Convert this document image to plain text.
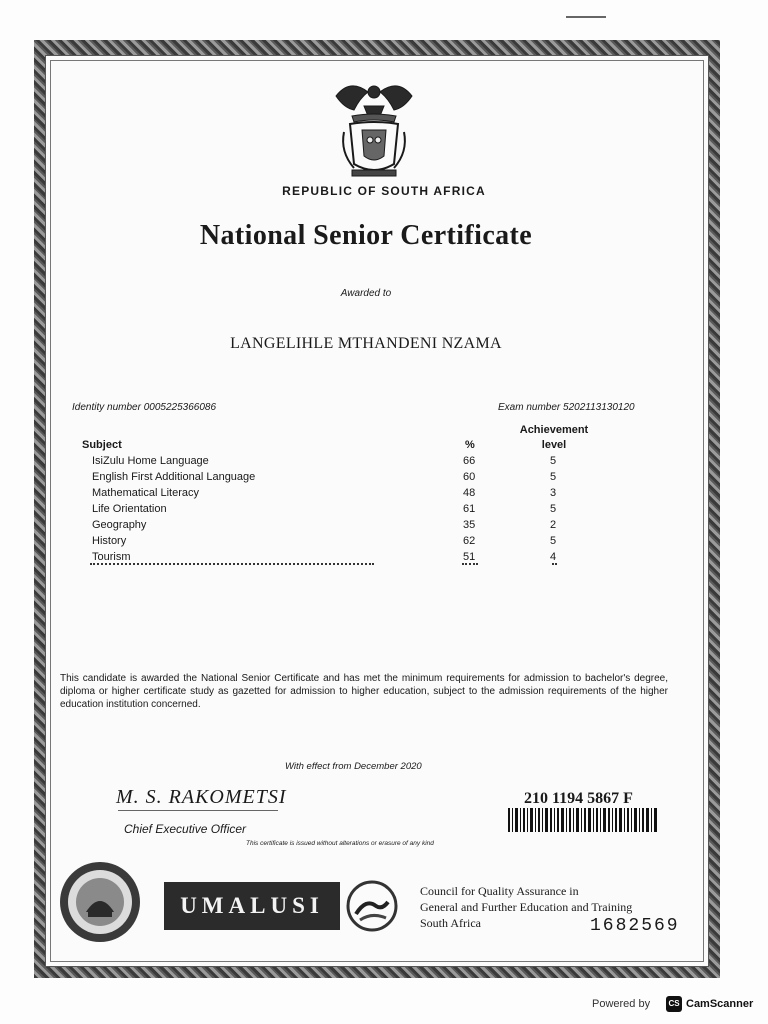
REPUBLIC OF SOUTH AFRICA
National Senior Certificate
Awarded to
LANGELIHLE MTHANDENI NZAMA
Identity number 0005225366086	Exam number 5202113130120
Achievement
Subject	%	level
IsiZulu Home Language	66	5
English First Additional Language	60	5
Mathematical Literacy	48	3
Life Orientation	61	5
Geography	35	2
History	62	5
Tourism	51	4
This candidate is awarded the National Senior Certificate and has met the minimum requirements for admission to bachelor's degree, diploma or higher certificate study as gazetted for admission to higher education, subject to the admission requirements of the higher education institution concerned.
With effect from December 2020
M. S. RAKOMETSI
Chief Executive Officer
210 1194 5867 F
This certificate is issued without alterations or erasure of any kind
UMALUSI
Council for Quality Assurance in
General and Further Education and Training
South Africa	1682569
Powered by	CS CamScanner
